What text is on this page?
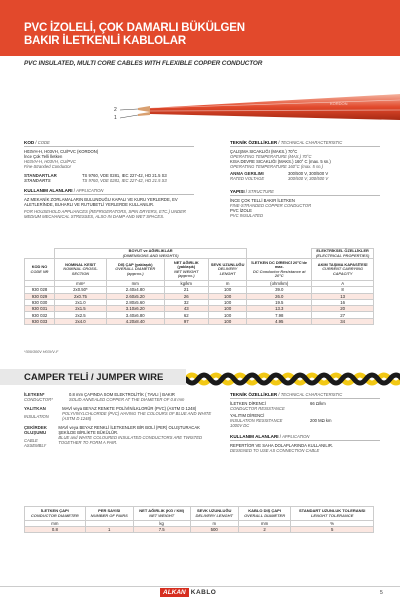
PVC İZOLELİ, ÇOK DAMARLI BÜKÜLGEN
BAKIR İLETKENLİ KABLOLAR
PVC INSULATED, MULTI CORE CABLES WITH FLEXIBLE COPPER CONDUCTOR
2
1
KORDON
KOD / CODE
H03VH-H, H03VH, CU/PVC (KORDON)
İnce Çok Telli İletken
H03VH-H, H03VH, CU/PVC
Fine-Stranded Conductor
STANDARTLAR
STANDARTS
TS 9760, VDE 0281, IEC 227-42, HD 21.5 S3
TS 9760, VDE 0281, IEC 227-42, HD 21.5 S3
KULLANIM ALANLARI / APPLICATION
AZ MEKANİK ZORLAMALARIN BULUNDUĞU KAPALI VE KURU YERLERDE, EV ALETLERİNDE, BUHARLI VE RUTUBETLİ YERLERDE KULLANILIR.
FOR HOUSEHOLD APPLIANCES (REFRIGERATORS, SPIN DRYERS, ETC.) UNDER MEDIUM MECHANICAL STRESSES, ALSO IN DAMP AND WET SPACES.
TEKNİK ÖZELLİKLER / TECHNICAL CHARACTERISTIC
ÇALIŞMA SICAKLIĞI (MAKS.) 70°C
OPERATING TEMPERATURE (MAX.) 70°C
KISA DEVRE SICAKLIĞI (MAKS.) 160° C (max. 5 sn.)
OPERATING TEMPERATURE 160°C (max. 5 sn.)
ANMA GERILIMI
RATED VOLTAGE
300/500 V, 300/500 V
300/500 V, 300/500 V
YAPISI / STRUCTURE
İNCE ÇOK TELLİ BAKIR İLETKEN
FINE-STRANDED COPPER CONDUCTOR
PVC İZOLE
PVC INSULATED
	BOYUT ve AĞIRLIKLAR
(DIMENSIONS AND WEIGHTS)					ELEKTRİKSEL ÖZELLİKLER
(ELECTRICAL PROPERTIES)

KOD NO
CODE NR	NOMINAL KESIT
NOMINAL CROSS-SECTION	DIŞ ÇAP (yaklaşık)
OVERALL DIAMETER (approx.)	NET AĞIRLIK (yaklaşık)
NET WEIGHT (approx.)	SEVK UZUNLUĞU
DELIVERY LENGHT	İLETKEN DC DİRENCİ 20°C'de max.
DC Conductor Resistance at 20°C	AKIM TAŞIMA KAPASİTESİ
CURRENT CARRYING CAPACITY
	mm²	mm	kg/km	m	(ohm/km)	A
930 028	2x0.50*	2.40x4.80	21	100	39.0	8
930 029	2x0.75	2.60x5.20	26	100	26.0	13
930 030	2x1.0	2.80x5.60	32	100	19.5	16
930 031	2x1.5	3.10x6.20	43	100	13.3	20
930 032	2x2.5	3.40x6.80	62	100	7.98	27
930 033	2x4.0	4.20x8.40	97	100	4.95	34
*300/300V H03VV-F
CAMPER TELİ / JUMPER WIRE
İLETKEN*
CONDUCTOR*
0.8 mm ÇAPINDA SOM ELEKTROLİTİK ( TAVLI ) BAKIR
SOLID ANNEALED COPPER AT THE DIAMETER OF 0.8 mm
YALITKAN
INSULATION
MAVİ veya BEYAZ RENKTE POLİVİNİLKLORÜR (PVC) (ASTM D 1248)
POLYVINYLCHLORIDE (PVC) HAVING THE COLOURS OF BLUE AND WHITE (ASTM D 1248)
ÇEKİRDEK OLUŞUMU
CABLE ASSEMBLY
MAVİ veya BEYAZ RENKLİ İLETKENLER BİR BOLİ (PER) OLUŞTURACAK ŞEKİLDE BİRLİKTE BÜKÜLÜR.
BLUE and WHITE COLOURED INSULATED CONDUCTORS ARE TWISTED TOGETHER TO FORM A PAIR.
TEKNİK ÖZELLİKLER / TECHNICAL CHARACTERISTIC
İLETKEN DİRENCİ
CONDUCTOR RESISTANCE
66 Ω/km
YALITIM DİRENCİ
INSULATION RESISTANCE
1000V DC
200 MΩ km
KULLANIM ALANLARI / APPLICATION
REPERTİOR VE SAHA DOLAPLARINDA KULLANILIR.
DESIGNED TO USE AS CONNECTION CABLE
İLETKEN ÇAPI
CONDUCTOR DIAMETER	PER SAYISI
NUMBER OF PAIRS	NET AĞIRLIK (KG / KM)
NET WEIGHT	SEVK UZUNLUĞU
DELIVERY LENGHT	KABLO DIŞ ÇAPI
OVERALL DIAMETER	STANDART UZUNLUK TOLERANSI
LENGHT TOLERANCE
mm		kg	m	mm	%
0.8	1	7.5	500	2	5
ALKAN KABLO	5
